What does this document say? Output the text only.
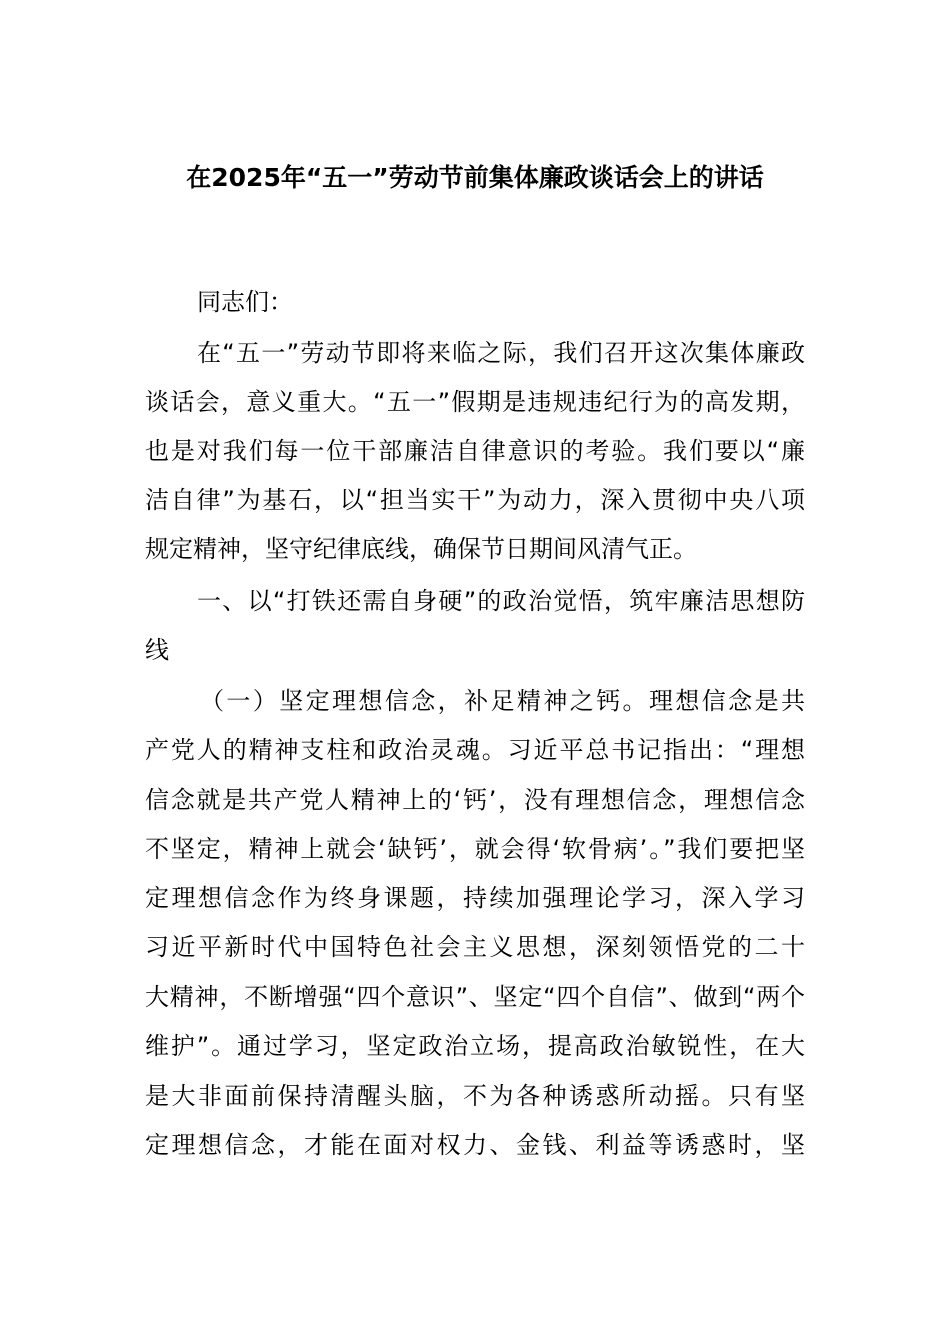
在2025年“五一”劳动节前集体廉政谈话会上的讲话
同志们：
在“五一”劳动节即将来临之际，我们召开这次集体廉政
谈话会，意义重大。“五一”假期是违规违纪行为的高发期，
也是对我们每一位干部廉洁自律意识的考验。我们要以“廉
洁自律”为基石，以“担当实干”为动力，深入贯彻中央八项
规定精神，坚守纪律底线，确保节日期间风清气正。
一、以“打铁还需自身硬”的政治觉悟，筑牢廉洁思想防
线
（一）坚定理想信念，补足精神之钙。理想信念是共
产党人的精神支柱和政治灵魂。习近平总书记指出：“理想
信念就是共产党人精神上的‘钙’，没有理想信念，理想信念
不坚定，精神上就会‘缺钙’，就会得‘软骨病’。”我们要把坚
定理想信念作为终身课题，持续加强理论学习，深入学习
习近平新时代中国特色社会主义思想，深刻领悟党的二十
大精神，不断增强“四个意识”、坚定“四个自信”、做到“两个
维护”。通过学习，坚定政治立场，提高政治敏锐性，在大
是大非面前保持清醒头脑，不为各种诱惑所动摇。只有坚
定理想信念，才能在面对权力、金钱、利益等诱惑时，坚
